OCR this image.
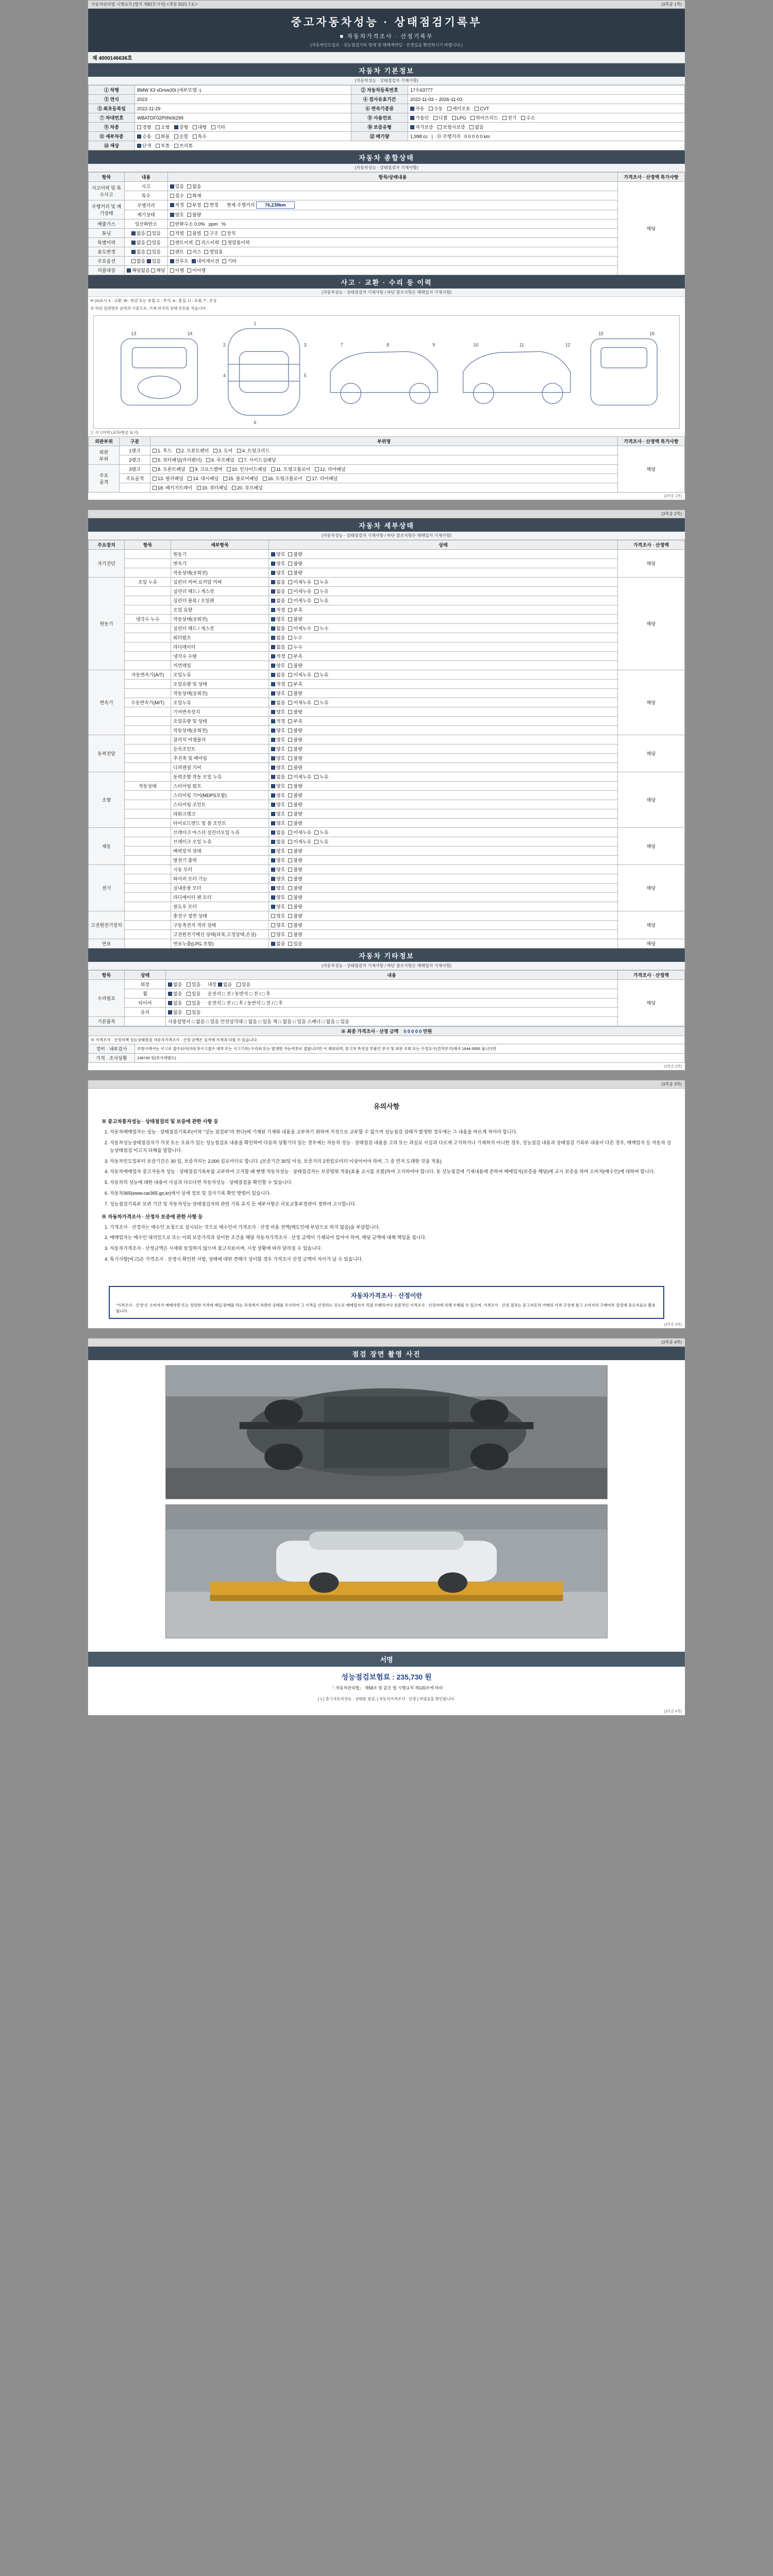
자동차관리법 시행규칙 [별지 제82호서식] <개정 2021.7.6.>	(3쪽중 1쪽)
중고자동차성능 · 상태점검기록부
■ 자동차가격조사 · 산정기록부
(자동차인도일로 · 성능점검기록 명세 및 매매계약일 · 산정일을 확인하시기 바랍니다.)
제 4000146636호
자동차 기본정보
(자동차성능 · 상태점검자 기재사항)
① 차명	BMW X3 xDrive20i (세부모델 -)	② 자동차등록번호	17우63777
③ 연식	2023	④ 검사유효기간	2022-11-03 ~ 2026-11-03
⑤ 최초등록일	2022-11-29	⑥ 변속기종류	자동 수동 세미오토 CVT
⑦ 차대번호	WBATDF02P0N06299	⑧ 사용연료	가솔린 디젤 LPG 하이브리드 전기 수소
⑨ 차종	경형 소형 중형 대형 기타	⑩ 보증유형	자가보증 보험사보증 없음
⑪ 세부차종	승용 화물 승합 특수	⑫ 배기량	1,998 cc   |   ⑬ 주행거리 0 0 0 0 0 km
⑭ 색상	단색 투톤 쓰리톤		
자동차 종합상태
(자동차성능 · 상태점검자 기재사항)
항목	내용	항목/상태내용	가격조사 · 산정액 특가사항
사고이력 및 특수사고	사고	있음 없음	해당
	특수	침수 화재	
주행거리 및 계기상태	주행거리	적정 부정 변경 현재 주행거리 76,239km	
	계기상태	양호 불량	
배출가스	일산화탄소	탄화수소 0.0% ppm %	
튜닝	없음 있음	적법 불법 구조 장치	
특별이력	없음 있음	렌트이력 리스이력 영업용이력	
용도변경	없음 있음	렌트 리스 영업용	
주요옵션	없음 있음	선루프 내비게이션 기타	
리콜대상	해당없음 해당	이행 미이행	
사고 · 교환 · 수리 등 이력
(자동차성능 · 상태점검자 기재사항 / 하단 참조사항은 매매업자 기재사항)
※ (X)표시 X : 교환, W : 판금 또는 용접, C : 부식, A : 흠집, U : 요철, T : 손상
※ 하단 일련번호 순번과 기준으로, 기재 위치의 상태 부호를 적습니다.
1
2	3
4	5
6
7	8	9	10	11	12
13	14	15	16
① 사고이력 (교차/판금 표시)
외판부위	구분	부위명	가격조사 · 산정액 특가사항
외판
부위	1랭크	1. 후드 2. 프론트펜더 3. 도어 4. 트렁크리드	해당
	2랭크	5. 쿼터패널(리어펜더) 6. 루프패널 7. 사이드실패널	
주요
골격	3랭크	8. 프론트패널 9. 크로스멤버 10. 인사이드패널 11. 트렁크플로어 12. 리어패널	
	주요골격	13. 필러패널 14. 대시패널 15. 플로어패널 16. 트렁크플로어 17. 리어패널	
		18. 패키지트레이 19. 쿼터패널 20. 루프패널	
(3쪽중 1쪽)
(3쪽중 2쪽)
자동차 세부상태
(자동차성능 · 상태점검자 기재사항 / 하단 참조사항은 매매업자 기재사항)
주요장치	항목	세부항목	상태	가격조사 · 산정액
자기진단		원동기	양호 불량	해당
		변속기	양호 불량	
		작동상태(공회전)	양호 불량	
원동기	오일 누유	실린더 커버 로커암 커버	없음 미세누유 누유	해당
		실린더 헤드 / 개스킷	없음 미세누유 누유	
		실린더 블록 / 오일팬	없음 미세누유 누유	
		오일 유량	적정 부족	
	냉각수 누수	작동상태(공회전)	양호 불량	
		실린더 헤드 / 개스킷	없음 미세누수 누수	
		워터펌프	없음 누수	
		라디에이터	없음 누수	
		냉각수 수량	적정 부족	
		커먼레일	양호 불량	
변속기	자동변속기(A/T)	오일누유	없음 미세누유 누유	해당
		오일유량 및 상태	적정 부족	
		작동상태(공회전)	양호 불량	
	수동변속기(M/T)	오일누유	없음 미세누유 누유	
		기어변속장치	양호 불량	
		오일유량 및 상태	적정 부족	
		작동상태(공회전)	양호 불량	
동력전달		클러치 어셈블리	양호 불량	해당
		등속조인트	양호 불량	
		추진축 및 베어링	양호 불량	
		디퍼렌셜 기어	양호 불량	
조향		동력조향 작동 오일 누유	없음 미세누유 누유	해당
	작동상태	스티어링 펌프	양호 불량	
		스티어링 기어(MDPS포함)	양호 불량	
		스티어링 조인트	양호 불량	
		파워크랭크	양호 불량	
		타이로드엔드 및 볼 조인트	양호 불량	
제동		브레이크 마스터 실린더오일 누유	없음 미세누유 누유	해당
		브레이크 오일 누유	없음 미세누유 누유	
		배력장치 상태	양호 불량	
		발전기 출력	양호 불량	
전기		시동 모터	양호 불량	해당
		와이퍼 모터 기능	양호 불량	
		실내송풍 모터	양호 불량	
		라디에이터 팬 모터	양호 불량	
		윈도우 모터	양호 불량	
고전원전기장치		충전구 절연 상태	양호 불량	해당
		구동축전지 격리 상태	양호 불량	
		고전원전기배선 상태(피복,고정상태,손상)	양호 불량	
연료		연료누출(LPG 포함)	없음 있음	해당
자동차 기타정보
(자동차성능 · 상태점검자 기재사항 / 하단 참조사항은 매매업자 기재사항)
항목	상태	내용	가격조사 · 산정액
수리필요	외장	없음 있음 내장 없음 있음	해당
	휠	없음 있음 운전석 □ 전 / 동반석 □ 전 / □ 후	
	타이어	없음 있음 운전석 □ 전 / □ 후 / 동반석 □ 전 / □ 후	
	유리	없음 있음	
기본품목		사용설명서 □ 없음 □ 있음 안전삼각대 □ 없음 □ 있음 잭 □ 없음 □ 있음 스패너 □ 없음 □ 있음	
※ 최종 가격조사 · 산정 금액 0 0 0 0 0 만원	
※ 가격조사 · 산정자책 성능상태점검 자동차가격조사 · 산정 금액은 실거래 가격과 다를 수 있습니다.	
정비 · 내부검사	보험사에서는 사고로 접수되어(자동차사고접수 내역 또는 사고기록) 수리와 또는 발생한 가능여부로 접합니다만 서 제외되며, 중고차 특성상 부품인 부식 및 외관 조회 또는 수정요구(견적보기)에서 1644-5055 됩니다만
가격 · 조사상황	236730 원(부가세별도)
(3쪽중 2쪽)
(3쪽중 3쪽)
유의사항
※ 중고차통자성능 · 상태점검의 및 보증에 관한 사항 등
1. 자동차매매업자는 성능 · 상태점검기록부(이하 "성능 점검부"라 한다)에 기재된 기재와 내용을 교부하기 위하여 거짓으로 교부할 수 없으며 성능점검 상태가 발생한 경우에는 그 내용을 바르게 적어야 합니다.
2. 자동차성능상태점검자가 거짓 또는 오류가 있는 성능점검표 내용을 확인하여 다음의 상황기다 있는 경우에는 자동차 성능 · 상태점검 내용을 고의 또는 과실로 사실과 다르게 고지하거나 기재하지 아니한 경우, 성능점검 내용과 상태점검 기록부 내용이 다른 경우, 매매업자 등 자동차 성능상태점검 미고지 피해를 말합니다.
3. 자동차인도일부터 보증기간은 30 일, 보증거리는 2,000 킬로미터로 합니다. (보증기간 30일 이상, 보증거리 2천킬로미터 이상이어야 하며, 그 중 먼저 도래한 것을 적용)
4. 자동차매매업자 중고자동차 성능 · 상태점검기록부를 교부하여 고지할 때 현행 자동차성능 · 상태점검자는 보증범위 적용(효율 교시를 포함)하여 고지하여야 합니다. 동 성능점검에 기재내용에 준하여 매매업자(보증을 해당)에 교시 보증을 하며 소비자(매수인)에 대하여 합니다.
5. 자동차의 성능에 대한 내용이 사실과 다르다면 자동차성능 · 상태점검을 확인할 수 있습니다.
6. 자동차365(www.car365.go.kr)에서 상세 정보 및 검사기록 확인 방법이 있습니다.
7. 성능점검기록부 보관 기간 및 자동차성능 상태점검자의 관련 기록 유지 등 세부사항은 국토교통부장관이 정하여 고시합니다.
※ 자동차가격조사 · 산정자 보증에 관한 사항 등
1. 가격조사 · 산정자는 매수인 요청으로 실시되는 것으로 매수인이 가격조사 · 산정 비용 전액(매도인에 부담으로 하지 않음)을 부담합니다.
2. 매매업자는 매수인 대리인으로 또는 이외 보증가격과 상이한 조건을 해당 자동차가격조사 · 산정 금액이 기재되어 있어야 하며, 해당 금액에 대해 책임을 집니다.
3. 자동차가격조사 · 산정금액은 시세와 동일하지 않으며 참고자료이며, 시장 상황에 따라 달라질 수 있습니다.
4. 특기사항(비고)은 가격조사 · 산정시 확인한 사항, 상태에 대한 견해가 상이할 경우 가격조사 산정 금액이 차이가 날 수 있습니다.
자동차가격조사 · 산정이란
"가격조사 · 산정"은 소비자가 매매차량 또는 정당한 가격에 매입·판매를 하는 과정에서 차량의 상태를 조사하여 그 가격을 산정하는 것으로 매매업자가 직접 수행하거나 전문적인 가격조사 · 산정자에 의해 수행될 수 있으며, 가격조사 · 산정 결과는 중고자동차 거래의 가격 구성에 참고 소비자의 구매여부 결정에 중요자료로 활용됩니다.
(3쪽중 3쪽)
(3쪽중 4쪽)
점검 장면 촬영 사진
서명
성능점검보험료 : 235,730 원
「 자동차관리법」 제58조 및 같은 법 시행규칙 제120조에 따라
[ 1 ] 중고자동차성능 · 상태를 점검, [ 자동차가격조사 · 산정 ] 하였음을 확인합니다.
(3쪽중 4쪽)
